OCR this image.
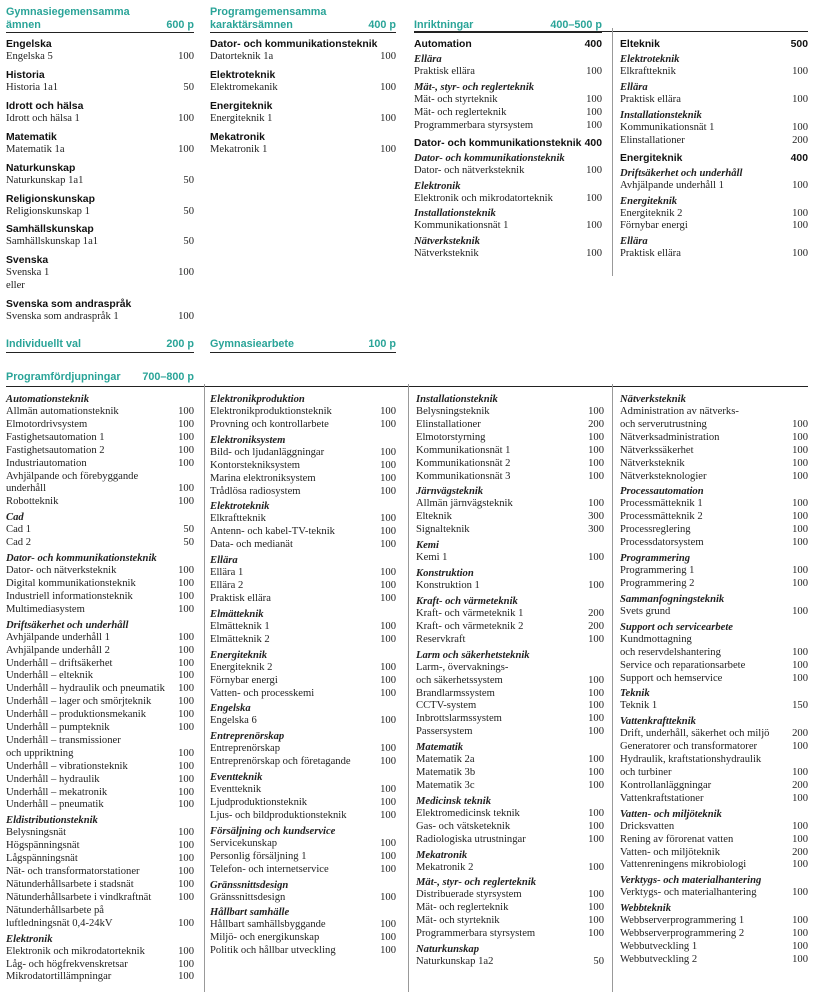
Gymnasiegemensamma
ämnen	600 p
Engelska
Engelska 5	100
Historia
Historia 1a1	50
Idrott och hälsa
Idrott och hälsa 1	100
Matematik
Matematik 1a	100
Naturkunskap
Naturkunskap 1a1	50
Religionskunskap
Religionskunskap 1	50
Samhällskunskap
Samhällskunskap 1a1	50
Svenska
Svenska 1	100
eller
Svenska som andraspråk
Svenska som andraspråk 1	100
Programgemensamma
karaktärsämnen	400 p
Dator- och kommunikationsteknik
Datorteknik 1a	100
Elektroteknik
Elektromekanik	100
Energiteknik
Energiteknik 1	100
Mekatronik
Mekatronik 1	100
Inriktningar	400–500 p
Automation	400
Ellära
Praktisk ellära	100
Mät-, styr- och reglerteknik
Mät- och styrteknik	100
Mät- och reglerteknik	100
Programmerbara styrsystem	100
Dator- och kommunikationsteknik 400
Dator- och kommunikationsteknik
Dator- och nätverksteknik	100
Elektronik
Elektronik och mikrodatorteknik	100
Installationsteknik
Kommunikationsnät 1	100
Nätverksteknik
Nätverksteknik	100
Elteknik	500
Elektroteknik
Elkraftteknik	100
Ellära
Praktisk ellära	100
Installationsteknik
Kommunikationsnät 1	100
Elinstallationer	200
Energiteknik	400
Driftsäkerhet och underhåll
Avhjälpande underhåll 1	100
Energiteknik
Energiteknik 2	100
Förnybar energi	100
Ellära
Praktisk ellära	100
Individuellt val	200 p Gymnasiearbete	100 p
Programfördjupningar 700–800 p
Automationsteknik
Allmän automationsteknik	100
Elmotordrivsystem	100
Fastighetsautomation 1	100
Fastighetsautomation 2	100
Industriautomation	100
Avhjälpande och förebyggande
underhåll	100
Robotteknik	100
Cad
Cad 1	50
Cad 2	50
Dator- och kommunikationsteknik
Dator- och nätverksteknik	100
Digital kommunikationsteknik	100
Industriell informationsteknik	100
Multimediasystem	100
Driftsäkerhet och underhåll
Avhjälpande underhåll 1	100
Avhjälpande underhåll 2	100
Underhåll – driftsäkerhet	100
Underhåll – elteknik	100
Underhåll – hydraulik och pneumatik	100
Underhåll – lager och smörjteknik	100
Underhåll – produktionsmekanik	100
Underhåll – pumpteknik	100
Underhåll – transmissioner
och uppriktning	100
Underhåll – vibrationsteknik	100
Underhåll – hydraulik	100
Underhåll – mekatronik	100
Underhåll – pneumatik	100
Eldistributionsteknik
Belysningsnät	100
Högspänningsnät	100
Lågspänningsnät	100
Nät- och transformatorstationer	100
Nätunderhållsarbete i stadsnät	100
Nätunderhållsarbete i vindkraftnät	100
Nätunderhållsarbete på
luftledningsnät 0,4-24kV	100
Elektronik
Elektronik och mikrodatorteknik	100
Låg- och högfrekvenskretsar	100
Mikrodatortillämpningar	100
Elektronikproduktion
Elektronikproduktionsteknik	100
Provning och kontrollarbete	100
Elektroniksystem
Bild- och ljudanläggningar	100
Kontorstekniksystem	100
Marina elektroniksystem	100
Trådlösa radiosystem	100
Elektroteknik
Elkraftteknik	100
Antenn- och kabel-TV-teknik	100
Data- och medianät	100
Ellära
Ellära 1	100
Ellära 2	100
Praktisk ellära	100
Elmätteknik
Elmätteknik 1	100
Elmätteknik 2	100
Energiteknik
Energiteknik 2	100
Förnybar energi	100
Vatten- och processkemi	100
Engelska
Engelska 6	100
Entreprenörskap
Entreprenörskap	100
Entreprenörskap och företagande	100
Eventteknik
Eventteknik	100
Ljudproduktionsteknik	100
Ljus- och bildproduktionsteknik	100
Försäljning och kundservice
Servicekunskap	100
Personlig försäljning 1	100
Telefon- och internetservice	100
Gränssnittsdesign
Gränssnittsdesign	100
Hållbart samhälle
Hållbart samhällsbyggande	100
Miljö- och energikunskap	100
Politik och hållbar utveckling	100
Installationsteknik
Belysningsteknik	100
Elinstallationer	200
Elmotorstyrning	100
Kommunikationsnät 1	100
Kommunikationsnät 2	100
Kommunikationsnät 3	100
Järnvägsteknik
Allmän järnvägsteknik	100
Elteknik	300
Signalteknik	300
Kemi
Kemi 1	100
Konstruktion
Konstruktion 1	100
Kraft- och värmeteknik
Kraft- och värmeteknik 1	200
Kraft- och värmeteknik 2	200
Reservkraft	100
Larm och säkerhetsteknik
Larm-, övervaknings-
och säkerhetssystem	100
Brandlarmssystem	100
CCTV-system	100
Inbrottslarmssystem	100
Passersystem	100
Matematik
Matematik 2a	100
Matematik 3b	100
Matematik 3c	100
Medicinsk teknik
Elektromedicinsk teknik	100
Gas- och vätsketeknik	100
Radiologiska utrustningar	100
Mekatronik
Mekatronik 2	100
Mät-, styr- och reglerteknik
Distribuerade styrsystem	100
Mät- och reglerteknik	100
Mät- och styrteknik	100
Programmerbara styrsystem	100
Naturkunskap
Naturkunskap 1a2	50
Nätverksteknik
Administration av nätverks-
och serverutrustning	100
Nätverksadministration	100
Nätverkssäkerhet	100
Nätverksteknik	100
Nätverksteknologier	100
Processautomation
Processmätteknik 1	100
Processmätteknik 2	100
Processreglering	100
Processdatorsystem	100
Programmering
Programmering 1	100
Programmering 2	100
Sammanfogningsteknik
Svets grund	100
Support och servicearbete
Kundmottagning
och reservdelshantering	100
Service och reparationsarbete	100
Support och hemservice	100
Teknik
Teknik 1	150
Vattenkraftteknik
Drift, underhåll, säkerhet och miljö	200
Generatorer och transformatorer	100
Hydraulik, kraftstationshydraulik
och turbiner	100
Kontrollanläggningar	200
Vattenkraftstationer	100
Vatten- och miljöteknik
Dricksvatten	100
Rening av förorenat vatten	100
Vatten- och miljöteknik	200
Vattenreningens mikrobiologi	100
Verktygs- och materialhantering
Verktygs- och materialhantering	100
Webbteknik
Webbserverprogrammering 1	100
Webbserverprogrammering 2	100
Webbutveckling 1	100
Webbutveckling 2	100
